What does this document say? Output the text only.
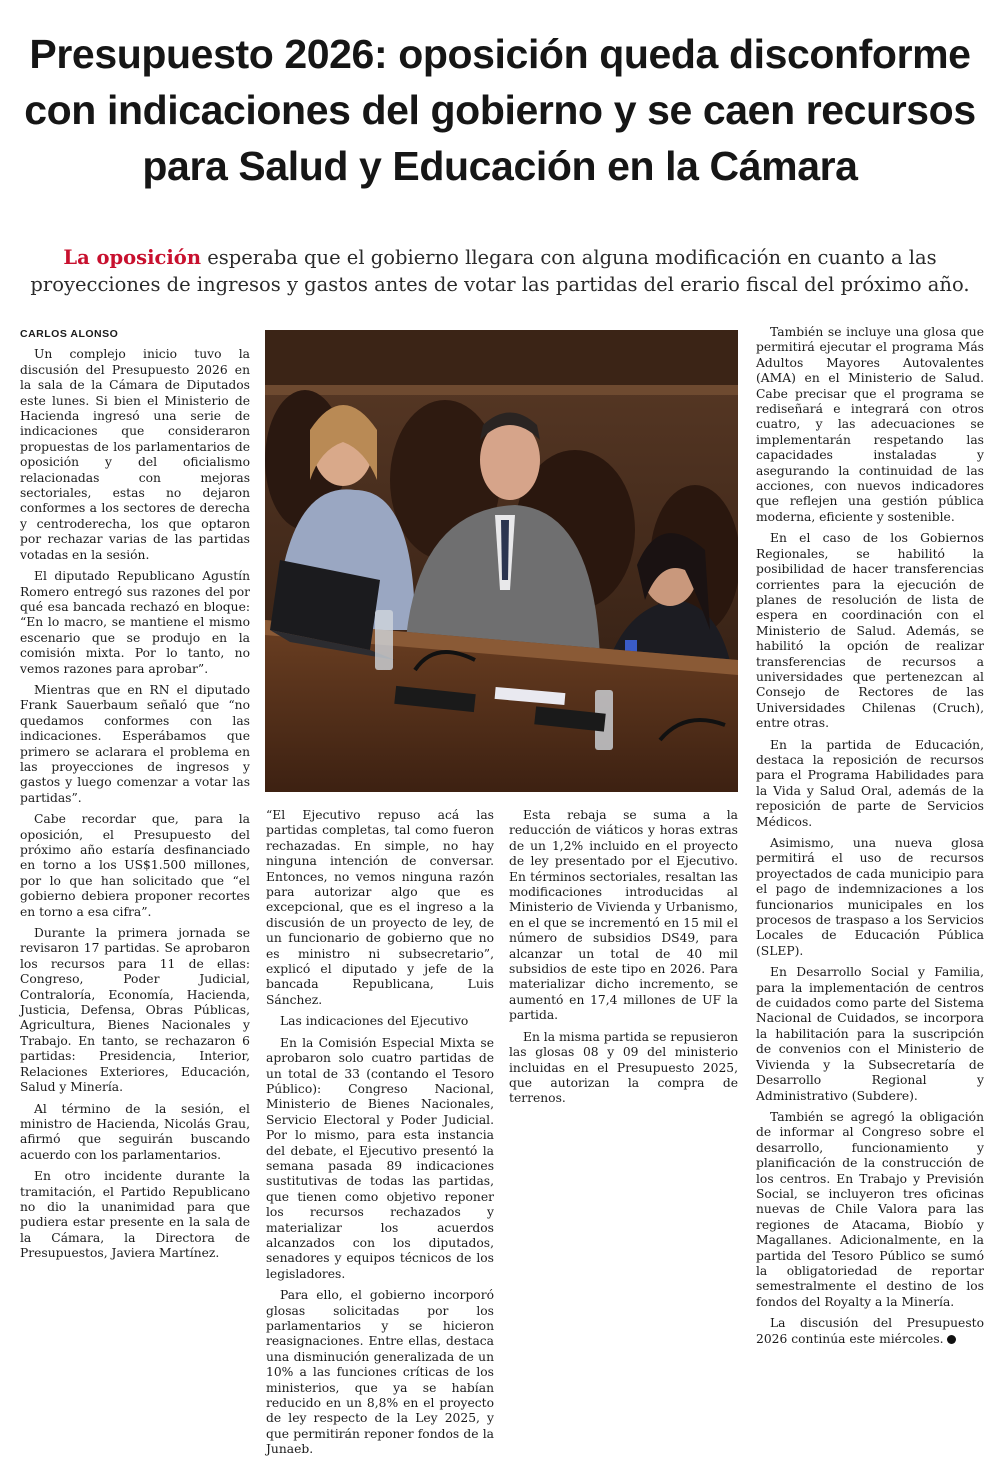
Presupuesto 2026: oposición queda disconforme con indicaciones del gobierno y se caen recursos para Salud y Educación en la Cámara

La oposición esperaba que el gobierno llegara con alguna modificación en cuanto a las proyecciones de ingresos y gastos antes de votar las partidas del erario fiscal del próximo año.

CARLOS ALONSO

Un complejo inicio tuvo la discusión del Presupuesto 2026 en la sala de la Cámara de Diputados este lunes. Si bien el Ministerio de Hacienda ingresó una serie de indicaciones que consideraron propuestas de los parlamentarios de oposición y del oficialismo relacionadas con mejoras sectoriales, estas no dejaron conformes a los sectores de derecha y centroderecha, los que optaron por rechazar varias de las partidas votadas en la sesión.

El diputado Republicano Agustín Romero entregó sus razones del por qué esa bancada rechazó en bloque: “En lo macro, se mantiene el mismo escenario que se produjo en la comisión mixta. Por lo tanto, no vemos razones para aprobar”.

Mientras que en RN el diputado Frank Sauerbaum señaló que “no quedamos conformes con las indicaciones. Esperábamos que primero se aclarara el problema en las proyecciones de ingresos y gastos y luego comenzar a votar las partidas”.

Cabe recordar que, para la oposición, el Presupuesto del próximo año estaría desfinanciado en torno a los US$1.500 millones, por lo que han solicitado que “el gobierno debiera proponer recortes en torno a esa cifra”.

Durante la primera jornada se revisaron 17 partidas. Se aprobaron los recursos para 11 de ellas: Congreso, Poder Judicial, Contraloría, Economía, Hacienda, Justicia, Defensa, Obras Públicas, Agricultura, Bienes Nacionales y Trabajo. En tanto, se rechazaron 6 partidas: Presidencia, Interior, Relaciones Exteriores, Educación, Salud y Minería.

Al término de la sesión, el ministro de Hacienda, Nicolás Grau, afirmó que seguirán buscando acuerdo con los parlamentarios.

En otro incidente durante la tramitación, el Partido Republicano no dio la unanimidad para que pudiera estar presente en la sala de la Cámara, la Directora de Presupuestos, Javiera Martínez.

“El Ejecutivo repuso acá las partidas completas, tal como fueron rechazadas. En simple, no hay ninguna intención de conversar. Entonces, no vemos ninguna razón para autorizar algo que es excepcional, que es el ingreso a la discusión de un proyecto de ley, de un funcionario de gobierno que no es ministro ni subsecretario”, explicó el diputado y jefe de la bancada Republicana, Luis Sánchez.

Las indicaciones del Ejecutivo

En la Comisión Especial Mixta se aprobaron solo cuatro partidas de un total de 33 (contando el Tesoro Público): Congreso Nacional, Ministerio de Bienes Nacionales, Servicio Electoral y Poder Judicial. Por lo mismo, para esta instancia del debate, el Ejecutivo presentó la semana pasada 89 indicaciones sustitutivas de todas las partidas, que tienen como objetivo reponer los recursos rechazados y materializar los acuerdos alcanzados con los diputados, senadores y equipos técnicos de los legisladores.

Para ello, el gobierno incorporó glosas solicitadas por los parlamentarios y se hicieron reasignaciones. Entre ellas, destaca una disminución generalizada de un 10% a las funciones críticas de los ministerios, que ya se habían reducido en un 8,8% en el proyecto de ley respecto de la Ley 2025, y que permitirán reponer fondos de la Junaeb.

Esta rebaja se suma a la reducción de viáticos y horas extras de un 1,2% incluido en el proyecto de ley presentado por el Ejecutivo. En términos sectoriales, resaltan las modificaciones introducidas al Ministerio de Vivienda y Urbanismo, en el que se incrementó en 15 mil el número de subsidios DS49, para alcanzar un total de 40 mil subsidios de este tipo en 2026. Para materializar dicho incremento, se aumentó en 17,4 millones de UF la partida.

En la misma partida se repusieron las glosas 08 y 09 del ministerio incluidas en el Presupuesto 2025, que autorizan la compra de terrenos.

También se incluye una glosa que permitirá ejecutar el programa Más Adultos Mayores Autovalentes (AMA) en el Ministerio de Salud. Cabe precisar que el programa se rediseñará e integrará con otros cuatro, y las adecuaciones se implementarán respetando las capacidades instaladas y asegurando la continuidad de las acciones, con nuevos indicadores que reflejen una gestión pública moderna, eficiente y sostenible.

En el caso de los Gobiernos Regionales, se habilitó la posibilidad de hacer transferencias corrientes para la ejecución de planes de resolución de lista de espera en coordinación con el Ministerio de Salud. Además, se habilitó la opción de realizar transferencias de recursos a universidades que pertenezcan al Consejo de Rectores de las Universidades Chilenas (Cruch), entre otras.

En la partida de Educación, destaca la reposición de recursos para el Programa Habilidades para la Vida y Salud Oral, además de la reposición de parte de Servicios Médicos.

Asimismo, una nueva glosa permitirá el uso de recursos proyectados de cada municipio para el pago de indemnizaciones a los funcionarios municipales en los procesos de traspaso a los Servicios Locales de Educación Pública (SLEP).

En Desarrollo Social y Familia, para la implementación de centros de cuidados como parte del Sistema Nacional de Cuidados, se incorpora la habilitación para la suscripción de convenios con el Ministerio de Vivienda y la Subsecretaría de Desarrollo Regional y Administrativo (Subdere).

También se agregó la obligación de informar al Congreso sobre el desarrollo, funcionamiento y planificación de la construcción de los centros. En Trabajo y Previsión Social, se incluyeron tres oficinas nuevas de Chile Valora para las regiones de Atacama, Biobío y Magallanes. Adicionalmente, en la partida del Tesoro Público se sumó la obligatoriedad de reportar semestralmente el destino de los fondos del Royalty a la Minería.

La discusión del Presupuesto 2026 continúa este miércoles.
